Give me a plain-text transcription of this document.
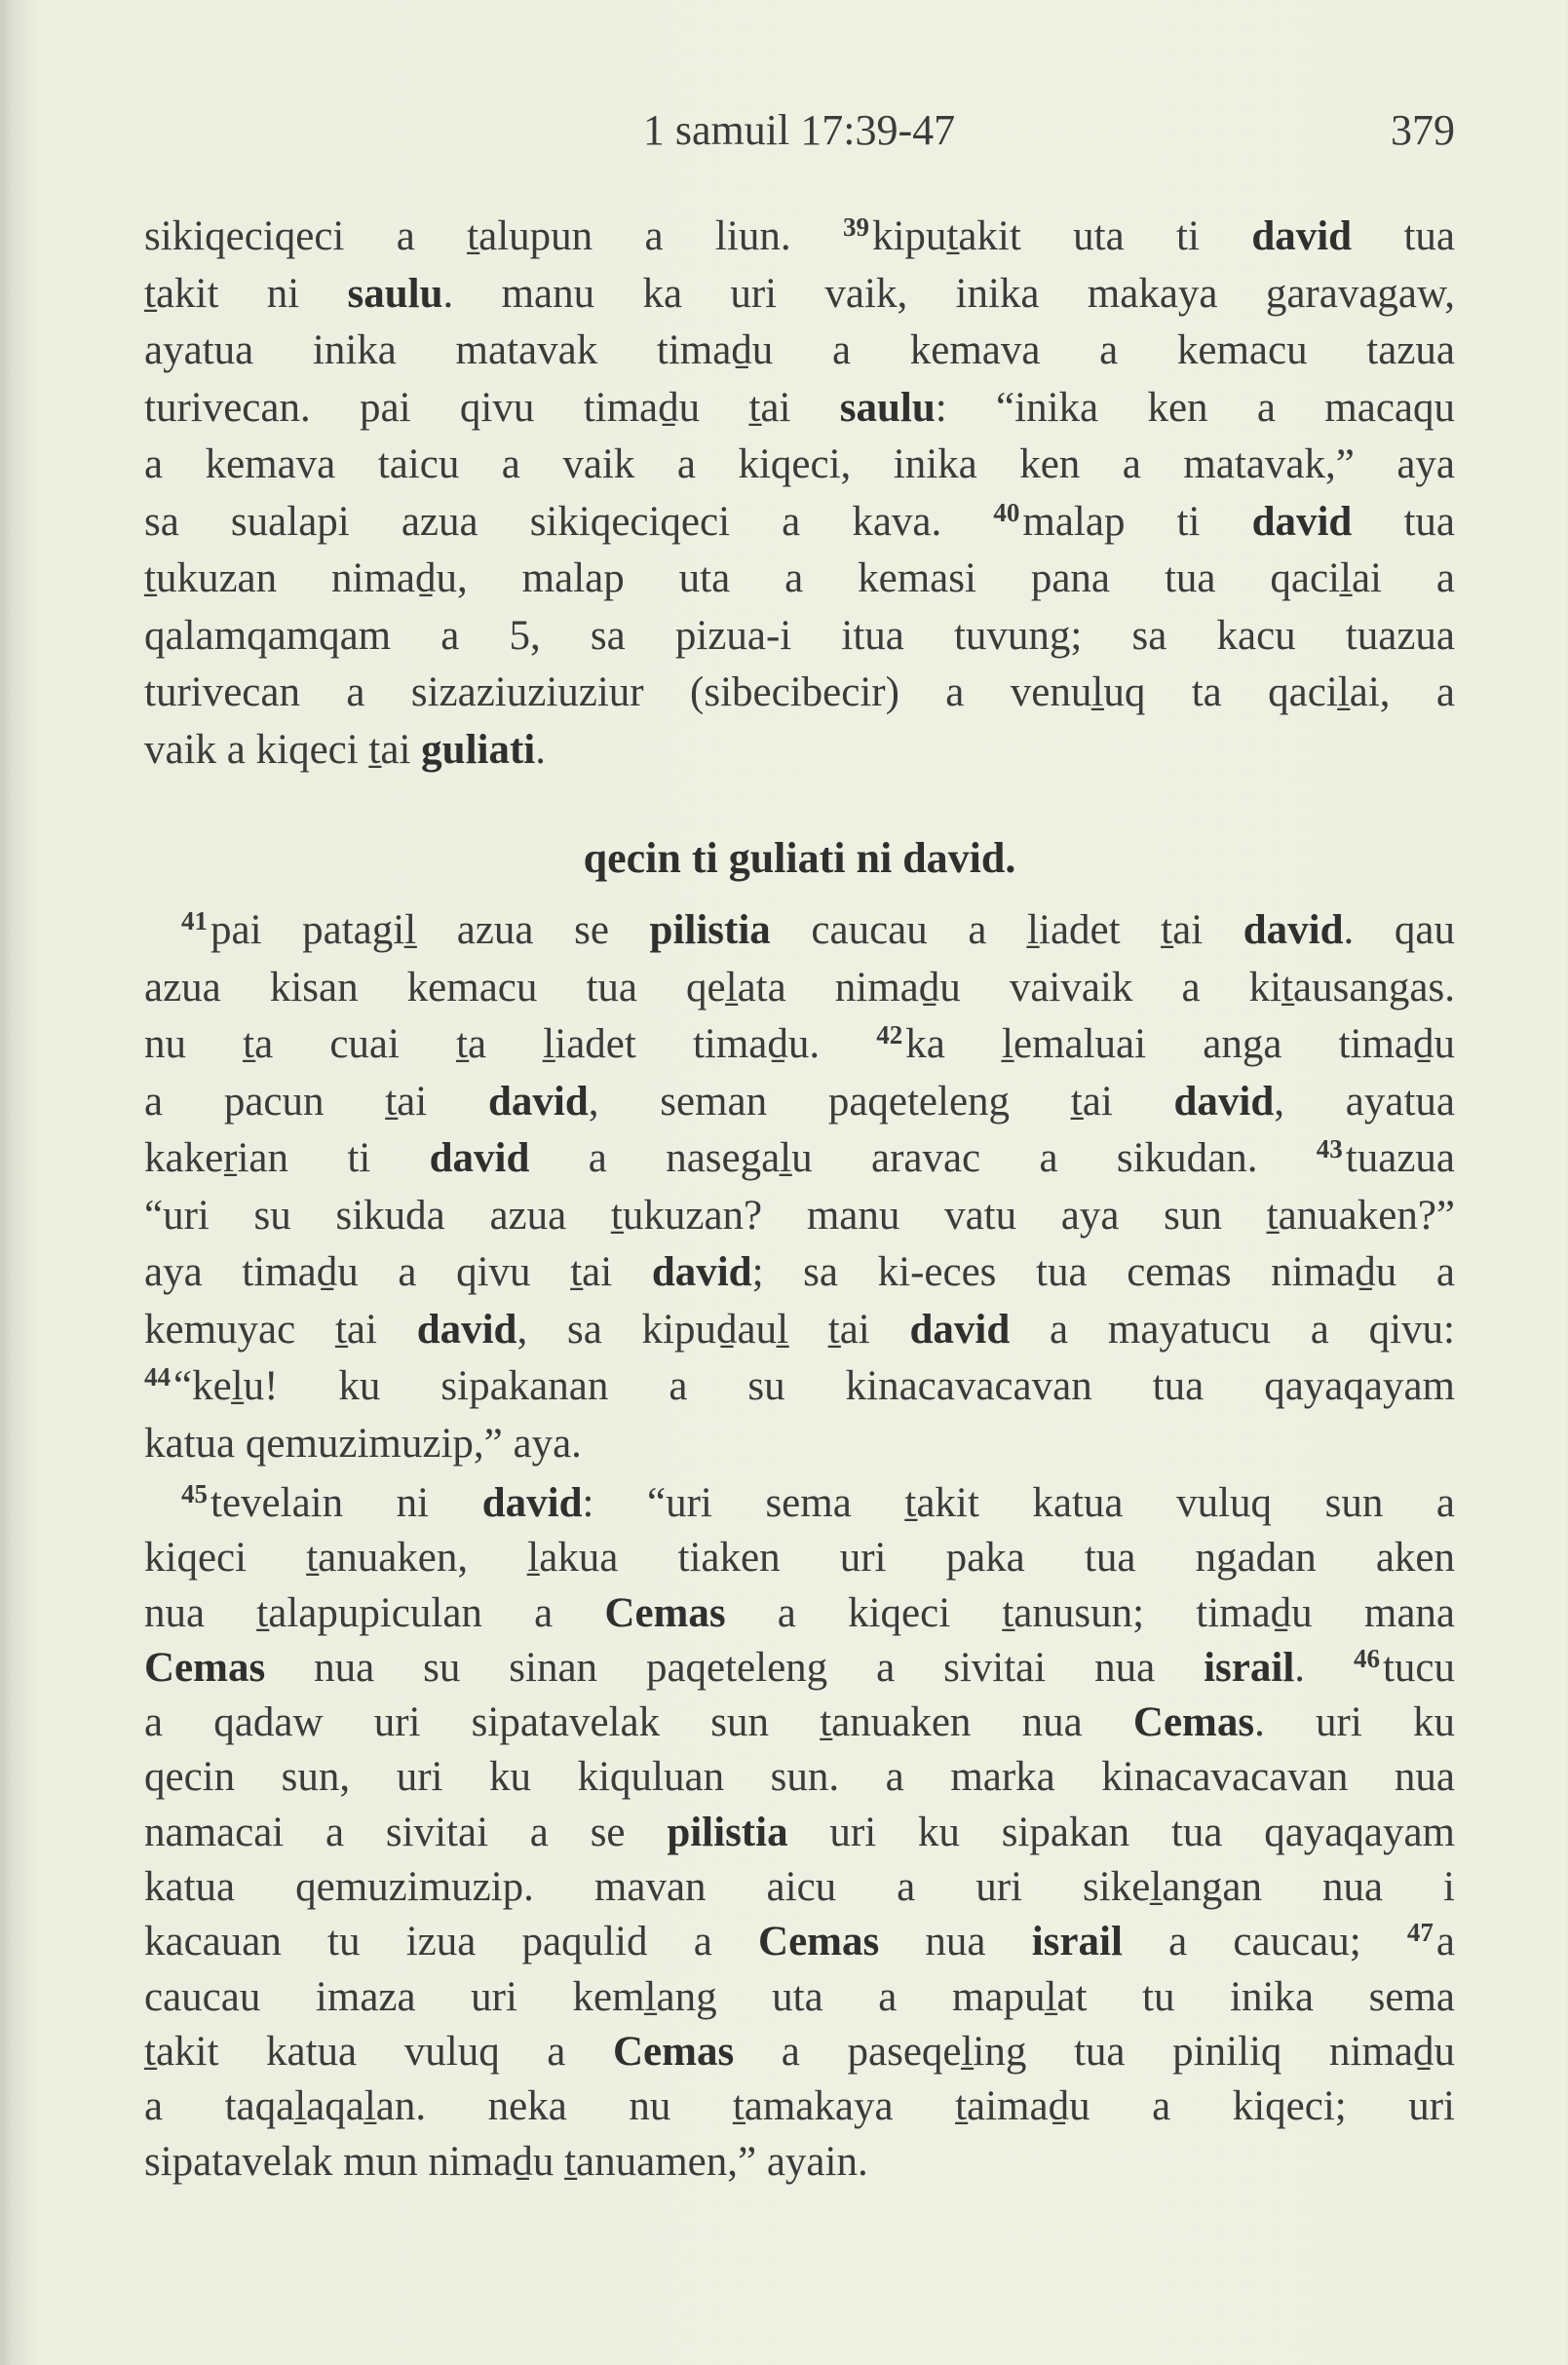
1 samuil 17:39-47	379
sikiqeciqeci a ṯalupun a liun. $^{39}$kipuṯakit uta ti david tua
ṯakit ni saulu. manu ka uri vaik, inika makaya garavagaw,
ayatua inika matavak timaḏu a kemava a kemacu tazua
turivecan. pai qivu timaḏu ṯai saulu: “inika ken a macaqu
a kemava taicu a vaik a kiqeci, inika ken a matavak,” aya
sa sualapi azua sikiqeciqeci a kava. $^{40}$malap ti david tua
ṯukuzan nimaḏu, malap uta a kemasi pana tua qaciḻai a
qalamqamqam a 5, sa pizua-i itua tuvung; sa kacu tuazua
turivecan a sizaziuziuziur (sibecibecir) a venuḻuq ta qaciḻai, a
vaik a kiqeci ṯai guliati.
qecin ti guliati ni david.
$^{41}$pai patagiḻ azua se pilistia caucau a ḻiadet ṯai david. qau
azua kisan kemacu tua qeḻata nimaḏu vaivaik a kiṯausangas.
nu ṯa cuai ṯa ḻiadet timaḏu. $^{42}$ka ḻemaluai anga timaḏu
a pacun ṯai david, seman paqeteleng ṯai david, ayatua
kakeṟian ti david a nasegaḻu aravac a sikudan. $^{43}$tuazua
“uri su sikuda azua ṯukuzan? manu vatu aya sun ṯanuaken?”
aya timaḏu a qivu ṯai david; sa ki-eces tua cemas nimaḏu a
kemuyac ṯai david, sa kipuḏauḻ ṯai david a mayatucu a qivu:
$^{44}$“keḻu! ku sipakanan a su kinacavacavan tua qayaqayam
katua qemuzimuzip,” aya.
$^{45}$tevelain ni david: “uri sema ṯakit katua vuluq sun a
kiqeci ṯanuaken, ḻakua tiaken uri paka tua ngadan aken
nua ṯalapupiculan a Cemas a kiqeci ṯanusun; timaḏu mana
Cemas nua su sinan paqeteleng a sivitai nua israil. $^{46}$tucu
a qadaw uri sipatavelak sun ṯanuaken nua Cemas. uri ku
qecin sun, uri ku kiquluan sun. a marka kinacavacavan nua
namacai a sivitai a se pilistia uri ku sipakan tua qayaqayam
katua qemuzimuzip. mavan aicu a uri sikeḻangan nua i
kacauan tu izua paqulid a Cemas nua israil a caucau; $^{47}$a
caucau imaza uri kemḻang uta a mapuḻat tu inika sema
ṯakit katua vuluq a Cemas a paseqeḻing tua piniliq nimaḏu
a taqaḻaqaḻan. neka nu ṯamakaya ṯaimaḏu a kiqeci; uri
sipatavelak mun nimaḏu ṯanuamen,” ayain.
